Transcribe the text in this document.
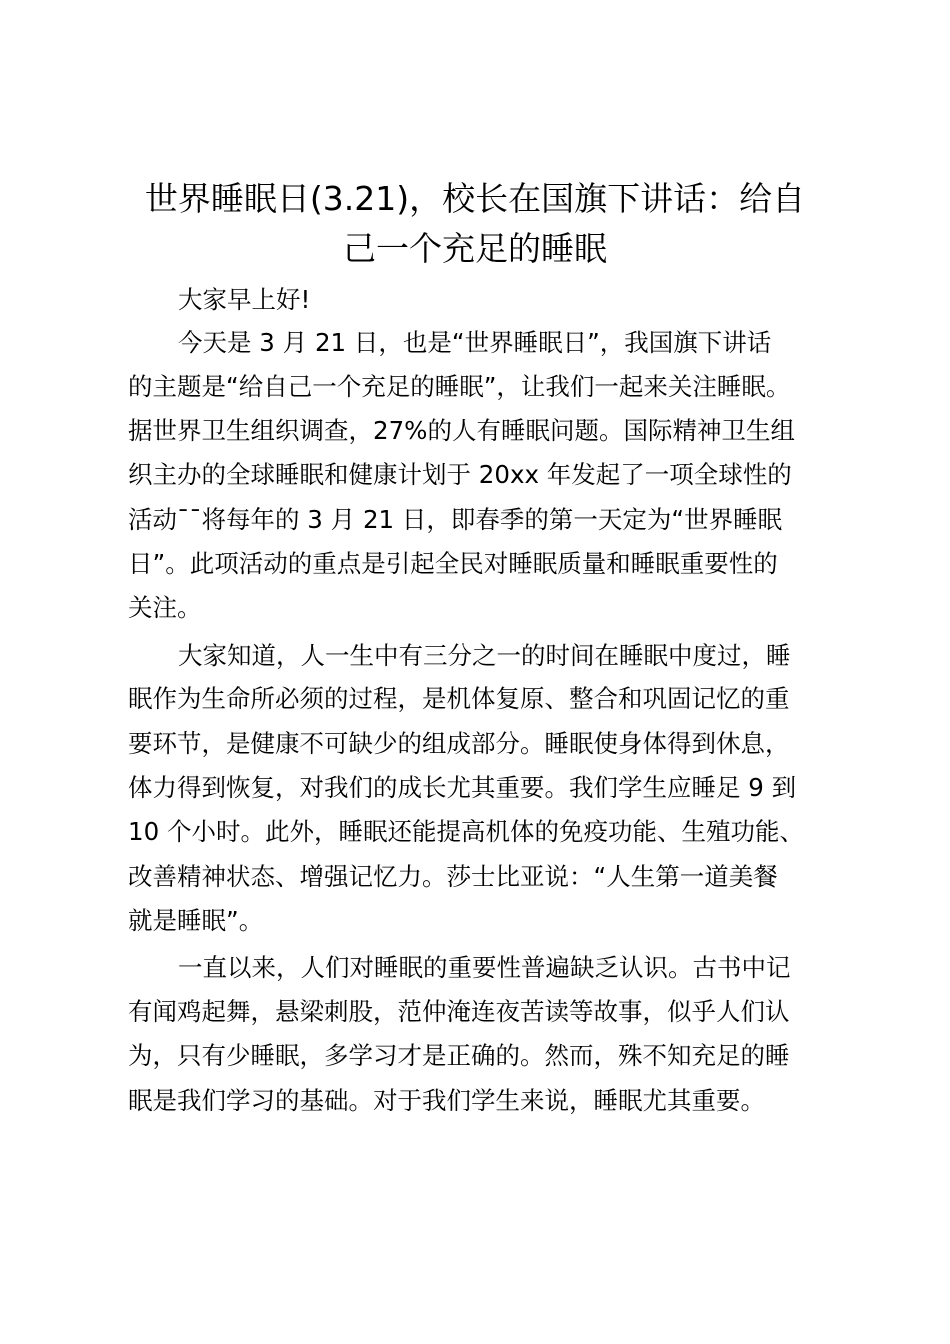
世界睡眠日(3.21)，校长在国旗下讲话：给自
己一个充足的睡眠

大家早上好!

今天是 3 月 21 日，也是“世界睡眠日”，我国旗下讲话

的主题是“给自己一个充足的睡眠”，让我们一起来关注睡眠。

据世界卫生组织调查，27%的人有睡眠问题。国际精神卫生组

织主办的全球睡眠和健康计划于 20xx 年发起了一项全球性的

活动¯¯将每年的 3 月 21 日，即春季的第一天定为“世界睡眠

日”。此项活动的重点是引起全民对睡眠质量和睡眠重要性的

关注。

大家知道，人一生中有三分之一的时间在睡眠中度过，睡

眠作为生命所必须的过程，是机体复原、整合和巩固记忆的重

要环节，是健康不可缺少的组成部分。睡眠使身体得到休息，

体力得到恢复，对我们的成长尤其重要。我们学生应睡足 9 到

10 个小时。此外，睡眠还能提高机体的免疫功能、生殖功能、

改善精神状态、增强记忆力。莎士比亚说：“人生第一道美餐

就是睡眠”。

一直以来，人们对睡眠的重要性普遍缺乏认识。古书中记

有闻鸡起舞，悬梁刺股，范仲淹连夜苦读等故事，似乎人们认

为，只有少睡眠，多学习才是正确的。然而，殊不知充足的睡

眠是我们学习的基础。对于我们学生来说，睡眠尤其重要。
